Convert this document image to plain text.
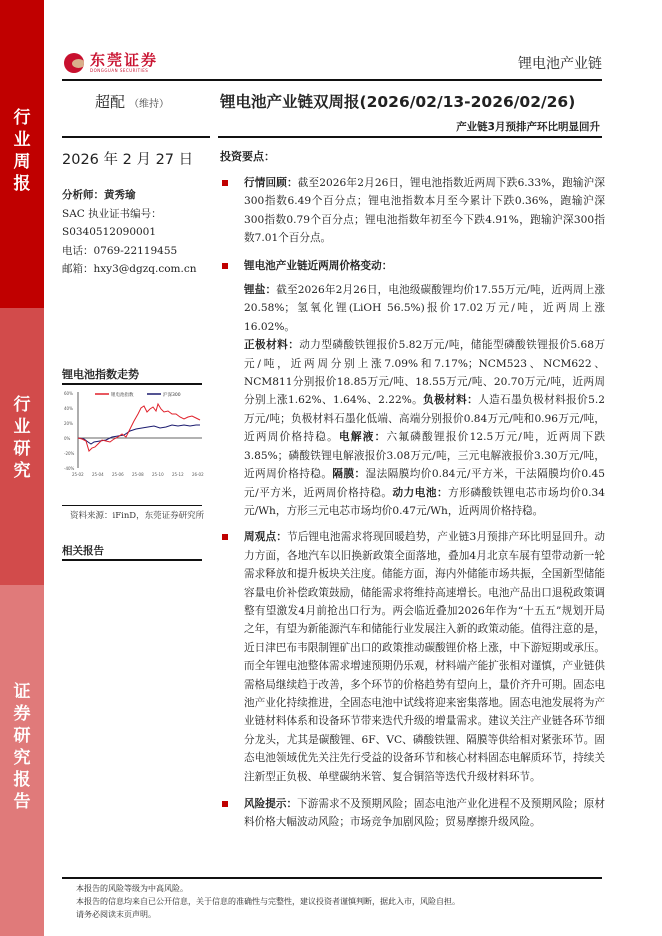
行
业
周
报
行
业
研
究
证
券
研
究
报
告
东莞证券
DONGGUAN SECURITIES	锂电池产业链
超配 （维持）	锂电池产业链双周报(2026/02/13-2026/02/26)
产业链3月预排产环比明显回升
2026 年 2 月 27 日
分析师：黄秀瑜
SAC 执业证书编号：
S0340512090001
电话：0769-22119455
邮箱：hxy3@dgzq.com.cn
锂电池指数走势
锂电池指数	沪深300
60%
40%
20%
0%
-20%
-40%
25-02 25-04 25-06 25-08 25-10 25-12 26-02
资料来源：iFinD，东莞证券研究所
相关报告
投资要点：
行情回顾：截至2026年2月26日，锂电池指数近两周下跌6.33%，跑输沪深300指数6.49个百分点；锂电池指数本月至今累计下跌0.36%，跑输沪深300指数0.79个百分点；锂电池指数年初至今下跌4.91%，跑输沪深300指数7.01个百分点。
锂电池产业链近两周价格变动：
锂盐：截至2026年2月26日，电池级碳酸锂均价17.55万元/吨，近两周上涨20.58%；氢氧化锂(LiOH 56.5%)报价17.02万元/吨，近两周上涨16.02%。
正极材料：动力型磷酸铁锂报价5.82万元/吨，储能型磷酸铁锂报价5.68万元/吨，近两周分别上涨7.09%和7.17%；NCM523、NCM622、NCM811分别报价18.85万元/吨、18.55万元/吨、20.70万元/吨，近两周分别上涨1.62%、1.64%、2.22%。负极材料：人造石墨负极材料报价5.2万元/吨；负极材料石墨化低端、高端分别报价0.84万元/吨和0.96万元/吨，近两周价格持稳。电解液：六氟磷酸锂报价12.5万元/吨，近两周下跌3.85%；磷酸铁锂电解液报价3.08万元/吨，三元电解液报价3.30万元/吨，近两周价格持稳。隔膜：湿法隔膜均价0.84元/平方米，干法隔膜均价0.45元/平方米，近两周价格持稳。动力电池：方形磷酸铁锂电芯市场均价0.34元/Wh，方形三元电芯市场均价0.47元/Wh，近两周价格持稳。
周观点：节后锂电池需求将现回暖趋势，产业链3月预排产环比明显回升。动力方面，各地汽车以旧换新政策全面落地，叠加4月北京车展有望带动新一轮需求释放和提升板块关注度。储能方面，海内外储能市场共振，全国新型储能容量电价补偿政策鼓励，储能需求将维持高速增长。电池产品出口退税政策调整有望激发4月前抢出口行为。两会临近叠加2026年作为“十五五”规划开局之年，有望为新能源汽车和储能行业发展注入新的政策动能。值得注意的是，近日津巴布韦限制锂矿出口的政策推动碳酸锂价格上涨，中下游短期或承压。而全年锂电池整体需求增速预期仍乐观，材料端产能扩张相对谨慎，产业链供需格局继续趋于改善，多个环节的价格趋势有望向上，量价齐升可期。固态电池产业化持续推进，全固态电池中试线将迎来密集落地。固态电池发展将为产业链材料体系和设备环节带来迭代升级的增量需求。建议关注产业链各环节细分龙头，尤其是碳酸锂、6F、VC、磷酸铁锂、隔膜等供给相对紧张环节。固态电池领域优先关注先行受益的设备环节和核心材料固态电解质环节，持续关注新型正负极、单壁碳纳米管、复合铜箔等迭代升级材料环节。
风险提示：下游需求不及预期风险；固态电池产业化进程不及预期风险；原材料价格大幅波动风险；市场竞争加剧风险；贸易摩擦升级风险。
本报告的风险等级为中高风险。
本报告的信息均来自已公开信息，关于信息的准确性与完整性，建议投资者谨慎判断，据此入市，风险自担。
请务必阅读末页声明。
